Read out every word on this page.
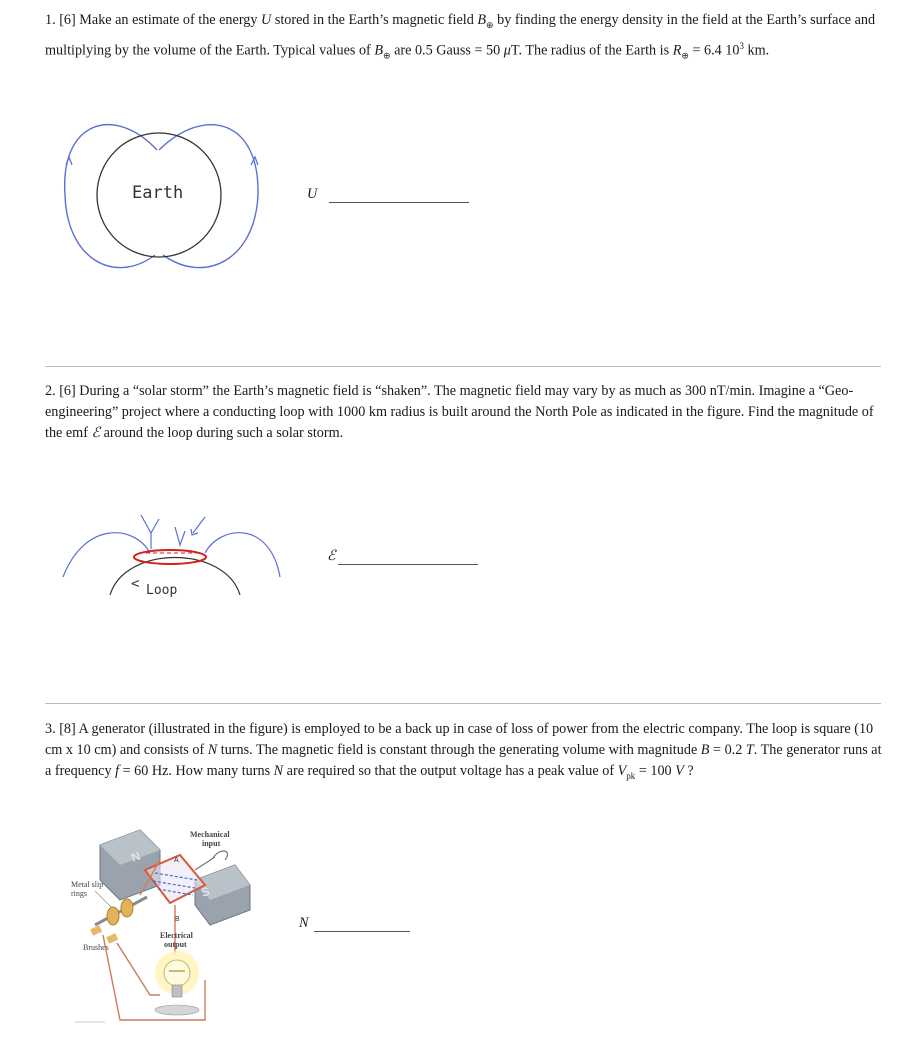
1. [6] Make an estimate of the energy U stored in the Earth’s magnetic field $B_\oplus$ by finding the energy density in the field at the Earth’s surface and multiplying by the volume of the Earth. Typical values of $B_\oplus$ are 0.5 Gauss = 50 μT. The radius of the Earth is $R_\oplus = 6.4$ $10^3$ km.

Earth	U

2. [6] During a “solar storm” the Earth’s magnetic field is “shaken”. The magnetic field may vary by as much as 300 nT/min. Imagine a “Geo-engineering” project where a conducting loop with 1000 km radius is built around the North Pole as indicated in the figure. Find the magnitude of the emf ℰ around the loop during such a solar storm.

< Loop
ℰ

3. [8] A generator (illustrated in the figure) is employed to be a back up in case of loss of power from the electric company. The loop is square (10 cm x 10 cm) and consists of N turns. The magnetic field is constant through the generating volume with magnitude B = 0.2 T. The generator runs at a frequency f = 60 Hz. How many turns N are required so that the output voltage has a peak value of $V_{pk} = 100$ V ?

N
S
A
B
Mechanical
input
Metal slip
rings
Brushes
Electrical
output
N
